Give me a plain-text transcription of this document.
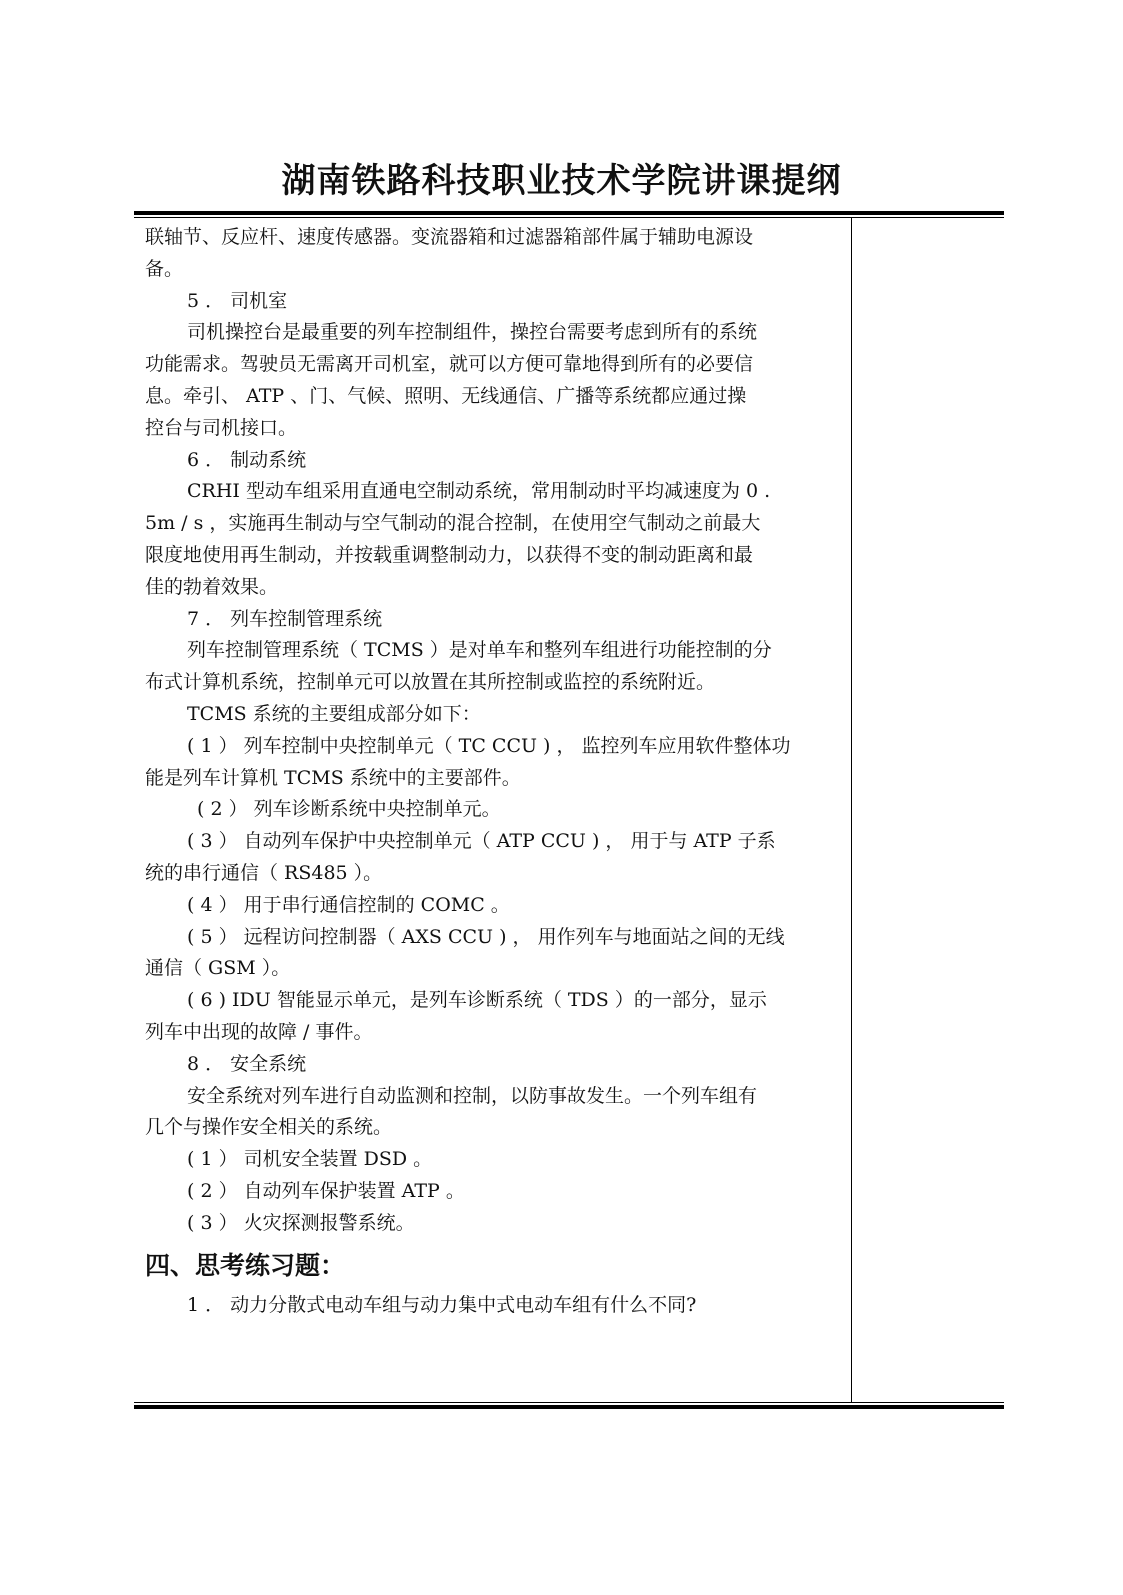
湖南铁路科技职业技术学院讲课提纲
联轴节、反应杆、速度传感器。变流器箱和过滤器箱部件属于辅助电源设
备。
5 ． 司机室
司机操控台是最重要的列车控制组件，操控台需要考虑到所有的系统
功能需求。驾驶员无需离开司机室，就可以方便可靠地得到所有的必要信
息。牵引、 ATP 、门、气候、照明、无线通信、广播等系统都应通过操
控台与司机接口。
6 ． 制动系统
CRHI 型动车组采用直通电空制动系统，常用制动时平均减速度为 0 .
5m / s ，实施再生制动与空气制动的混合控制，在使用空气制动之前最大
限度地使用再生制动，并按载重调整制动力，以获得不变的制动距离和最
佳的勃着效果。
7 ． 列车控制管理系统
列车控制管理系统（ TCMS ）是对单车和整列车组进行功能控制的分
布式计算机系统，控制单元可以放置在其所控制或监控的系统附近。
TCMS 系统的主要组成部分如下：
( 1 ） 列车控制中央控制单元（ TC CCU ) ， 监控列车应用软件整体功
能是列车计算机 TCMS 系统中的主要部件。
( 2 ） 列车诊断系统中央控制单元。
( 3 ） 自动列车保护中央控制单元（ ATP CCU ) ， 用于与 ATP 子系
统的串行通信（ RS485 ）。
( 4 ） 用于串行通信控制的 COMC 。
( 5 ） 远程访问控制器（ AXS CCU ) ， 用作列车与地面站之间的无线
通信（ GSM ）。
( 6 ) IDU 智能显示单元，是列车诊断系统（ TDS ）的一部分，显示
列车中出现的故障 / 事件。
8 ． 安全系统
安全系统对列车进行自动监测和控制，以防事故发生。一个列车组有
几个与操作安全相关的系统。
( 1 ） 司机安全装置 DSD 。
( 2 ） 自动列车保护装置 ATP 。
( 3 ） 火灾探测报警系统。
四、思考练习题：
1 ． 动力分散式电动车组与动力集中式电动车组有什么不同?
